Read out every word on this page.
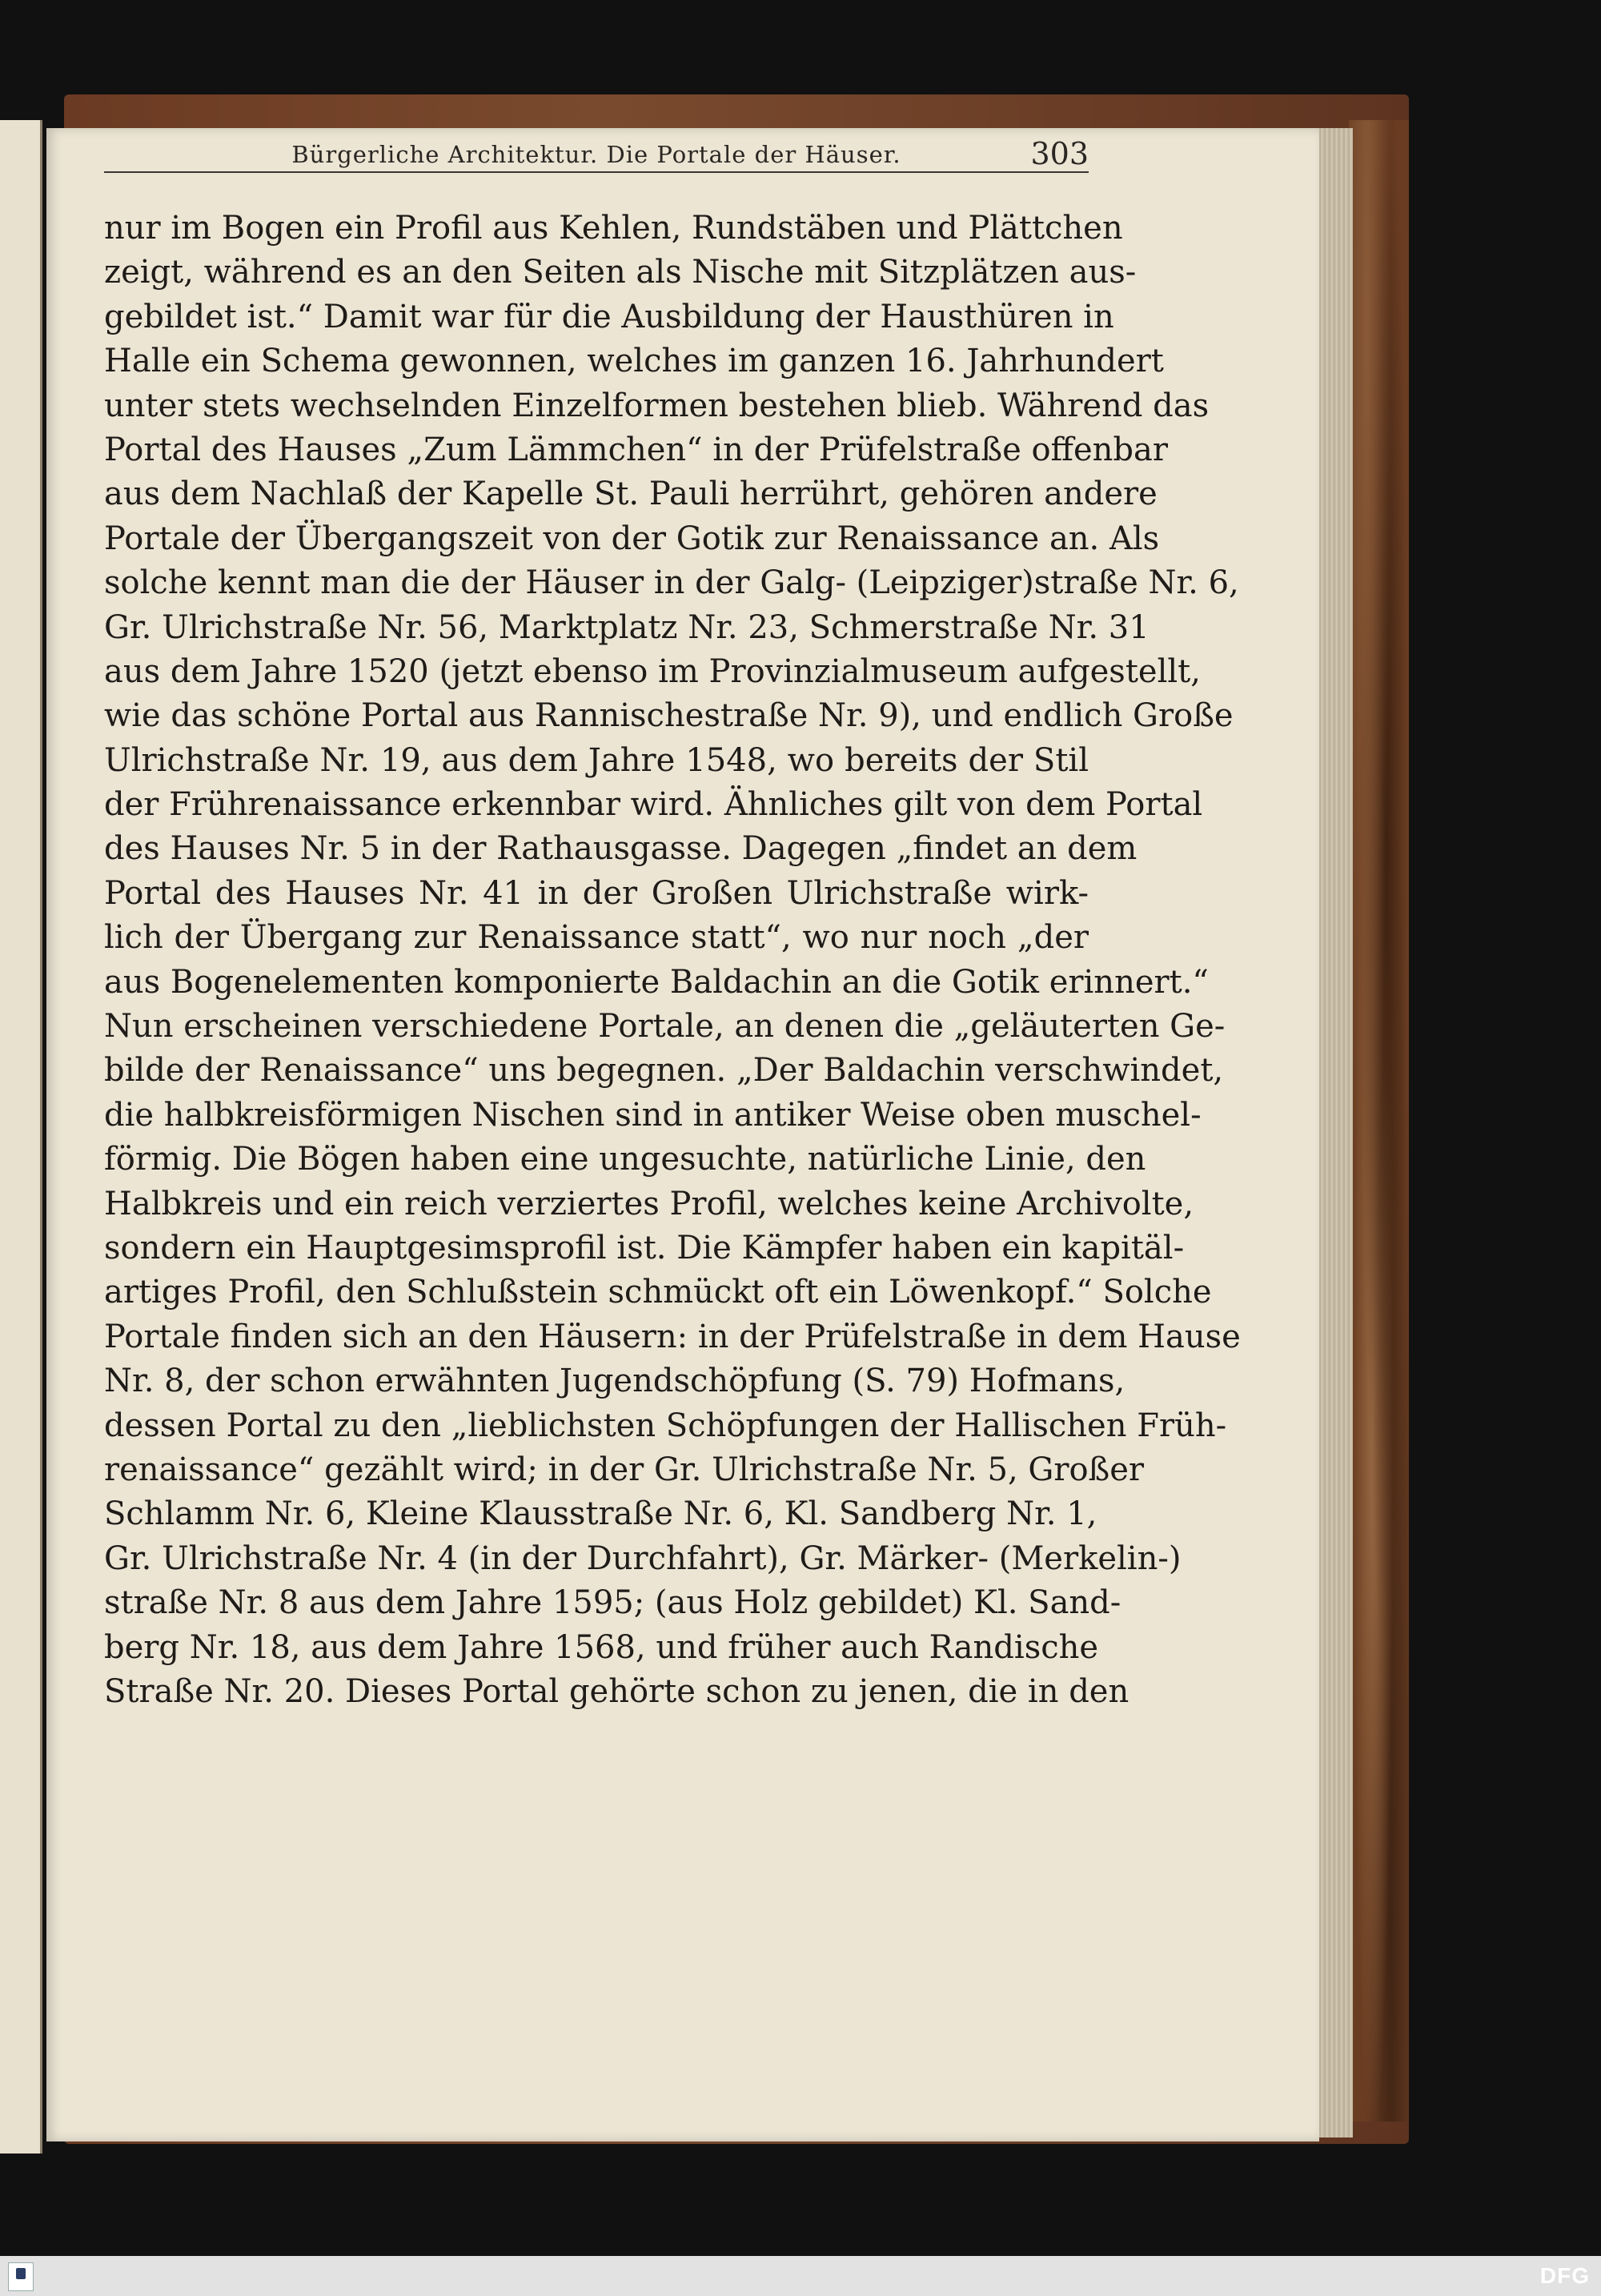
Bürgerliche Architektur. Die Portale der Häuser.	303
nur im Bogen ein Profil aus Kehlen, Rundstäben und Plättchen
zeigt, während es an den Seiten als Nische mit Sitzplätzen aus-
gebildet ist.“ Damit war für die Ausbildung der Hausthüren in
Halle ein Schema gewonnen, welches im ganzen 16. Jahrhundert
unter stets wechselnden Einzelformen bestehen blieb. Während das
Portal des Hauses „Zum Lämmchen“ in der Prüfelstraße offenbar
aus dem Nachlaß der Kapelle St. Pauli herrührt, gehören andere
Portale der Übergangszeit von der Gotik zur Renaissance an. Als
solche kennt man die der Häuser in der Galg- (Leipziger)straße Nr. 6,
Gr. Ulrichstraße Nr. 56, Marktplatz Nr. 23, Schmerstraße Nr. 31
aus dem Jahre 1520 (jetzt ebenso im Provinzialmuseum aufgestellt,
wie das schöne Portal aus Rannischestraße Nr. 9), und endlich Große
Ulrichstraße Nr. 19, aus dem Jahre 1548, wo bereits der Stil
der Frührenaissance erkennbar wird. Ähnliches gilt von dem Portal
des Hauses Nr. 5 in der Rathausgasse. Dagegen „findet an dem
Portal des Hauses Nr. 41 in der Großen Ulrichstraße wirk-
lich der Übergang zur Renaissance statt“, wo nur noch „der
aus Bogenelementen komponierte Baldachin an die Gotik erinnert.“
Nun erscheinen verschiedene Portale, an denen die „geläuterten Ge-
bilde der Renaissance“ uns begegnen. „Der Baldachin verschwindet,
die halbkreisförmigen Nischen sind in antiker Weise oben muschel-
förmig. Die Bögen haben eine ungesuchte, natürliche Linie, den
Halbkreis und ein reich verziertes Profil, welches keine Archivolte,
sondern ein Hauptgesimsprofil ist. Die Kämpfer haben ein kapitäl-
artiges Profil, den Schlußstein schmückt oft ein Löwenkopf.“ Solche
Portale finden sich an den Häusern: in der Prüfelstraße in dem Hause
Nr. 8, der schon erwähnten Jugendschöpfung (S. 79) Hofmans,
dessen Portal zu den „lieblichsten Schöpfungen der Hallischen Früh-
renaissance“ gezählt wird; in der Gr. Ulrichstraße Nr. 5, Großer
Schlamm Nr. 6, Kleine Klausstraße Nr. 6, Kl. Sandberg Nr. 1,
Gr. Ulrichstraße Nr. 4 (in der Durchfahrt), Gr. Märker- (Merkelin-)
straße Nr. 8 aus dem Jahre 1595; (aus Holz gebildet) Kl. Sand-
berg Nr. 18, aus dem Jahre 1568, und früher auch Randische
Straße Nr. 20. Dieses Portal gehörte schon zu jenen, die in den
DFG
